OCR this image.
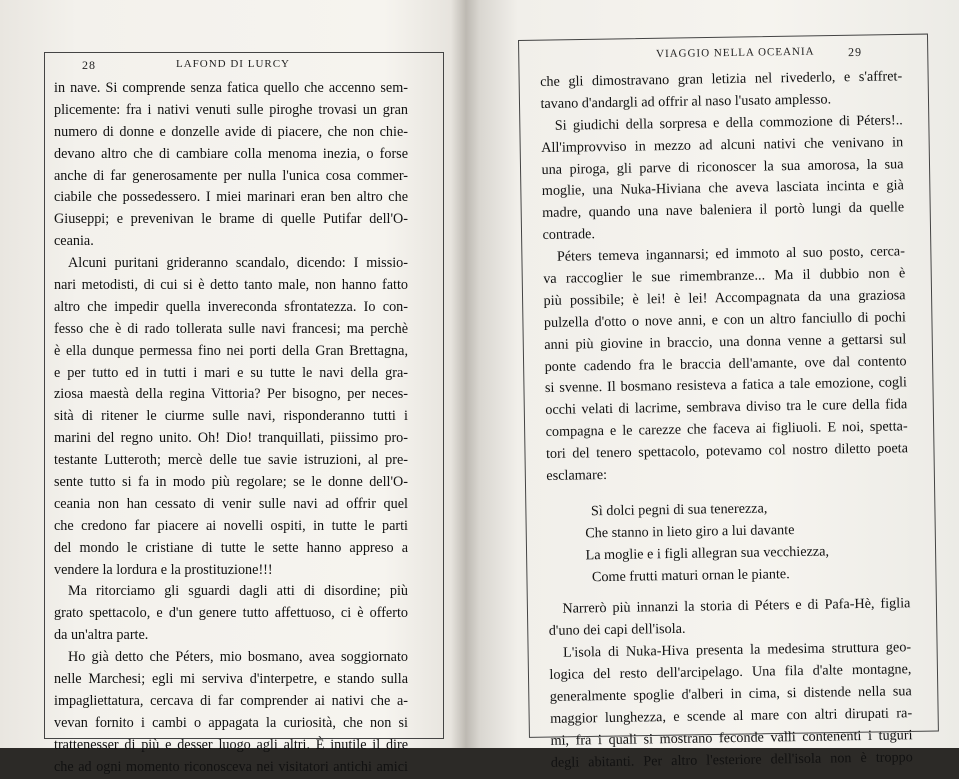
28	LAFOND DI LURCY
in nave. Si comprende senza fatica quello che accenno sem-
plicemente: fra i nativi venuti sulle piroghe trovasi un gran
numero di donne e donzelle avide di piacere, che non chie-
devano altro che di cambiare colla menoma inezia, o forse
anche di far generosamente per nulla l'unica cosa commer-
ciabile che possedessero. I miei marinari eran ben altro che
Giuseppi; e prevenivan le brame di quelle Putifar dell'O-
ceania.
Alcuni puritani grideranno scandalo, dicendo: I missio-
nari metodisti, di cui si è detto tanto male, non hanno fatto
altro che impedir quella invereconda sfrontatezza. Io con-
fesso che è di rado tollerata sulle navi francesi; ma perchè
è ella dunque permessa fino nei porti della Gran Brettagna,
e per tutto ed in tutti i mari e su tutte le navi della gra-
ziosa maestà della regina Vittoria? Per bisogno, per neces-
sità di ritener le ciurme sulle navi, risponderanno tutti i
marini del regno unito. Oh! Dio! tranquillati, piissimo pro-
testante Lutteroth; mercè delle tue savie istruzioni, al pre-
sente tutto si fa in modo più regolare; se le donne dell'O-
ceania non han cessato di venir sulle navi ad offrir quel
che credono far piacere ai novelli ospiti, in tutte le parti
del mondo le cristiane di tutte le sette hanno appreso a
vendere la lordura e la prostituzione!!!
Ma ritorciamo gli sguardi dagli atti di disordine; più
grato spettacolo, e d'un genere tutto affettuoso, ci è offerto
da un'altra parte.
Ho già detto che Péters, mio bosmano, avea soggiornato
nelle Marchesi; egli mi serviva d'interpetre, e stando sulla
impagliettatura, cercava di far comprender ai nativi che a-
vevan fornito i cambi o appagata la curiosità, che non si
trattenesser di più e desser luogo agli altri. È inutile il dire
che ad ogni momento riconosceva nei visitatori antichi amici
VIAGGIO NELLA OCEANIA	29
che gli dimostravano gran letizia nel rivederlo, e s'affret-
tavano d'andargli ad offrir al naso l'usato amplesso.
Si giudichi della sorpresa e della commozione di Péters!..
All'improvviso in mezzo ad alcuni nativi che venivano in
una piroga, gli parve di riconoscer la sua amorosa, la sua
moglie, una Nuka-Hiviana che aveva lasciata incinta e già
madre, quando una nave baleniera il portò lungi da quelle
contrade.
Péters temeva ingannarsi; ed immoto al suo posto, cerca-
va raccoglier le sue rimembranze... Ma il dubbio non è
più possibile; è lei! è lei! Accompagnata da una graziosa
pulzella d'otto o nove anni, e con un altro fanciullo di pochi
anni più giovine in braccio, una donna venne a gettarsi sul
ponte cadendo fra le braccia dell'amante, ove dal contento
si svenne. Il bosmano resisteva a fatica a tale emozione, cogli
occhi velati di lacrime, sembrava diviso tra le cure della fida
compagna e le carezze che faceva ai figliuoli. E noi, spetta-
tori del tenero spettacolo, potevamo col nostro diletto poeta
esclamare:
Sì dolci pegni di sua tenerezza,
Che stanno in lieto giro a lui davante
La moglie e i figli allegran sua vecchiezza,
Come frutti maturi ornan le piante.
Narrerò più innanzi la storia di Péters e di Pafa-Hè, figlia
d'uno dei capi dell'isola.
L'isola di Nuka-Hiva presenta la medesima struttura geo-
logica del resto dell'arcipelago. Una fila d'alte montagne,
generalmente spoglie d'alberi in cima, si distende nella sua
maggior lunghezza, e scende al mare con altri dirupati ra-
mi, fra i quali si mostrano feconde valli contenenti i tuguri
degli abitanti. Per altro l'esteriore dell'isola non è troppo
